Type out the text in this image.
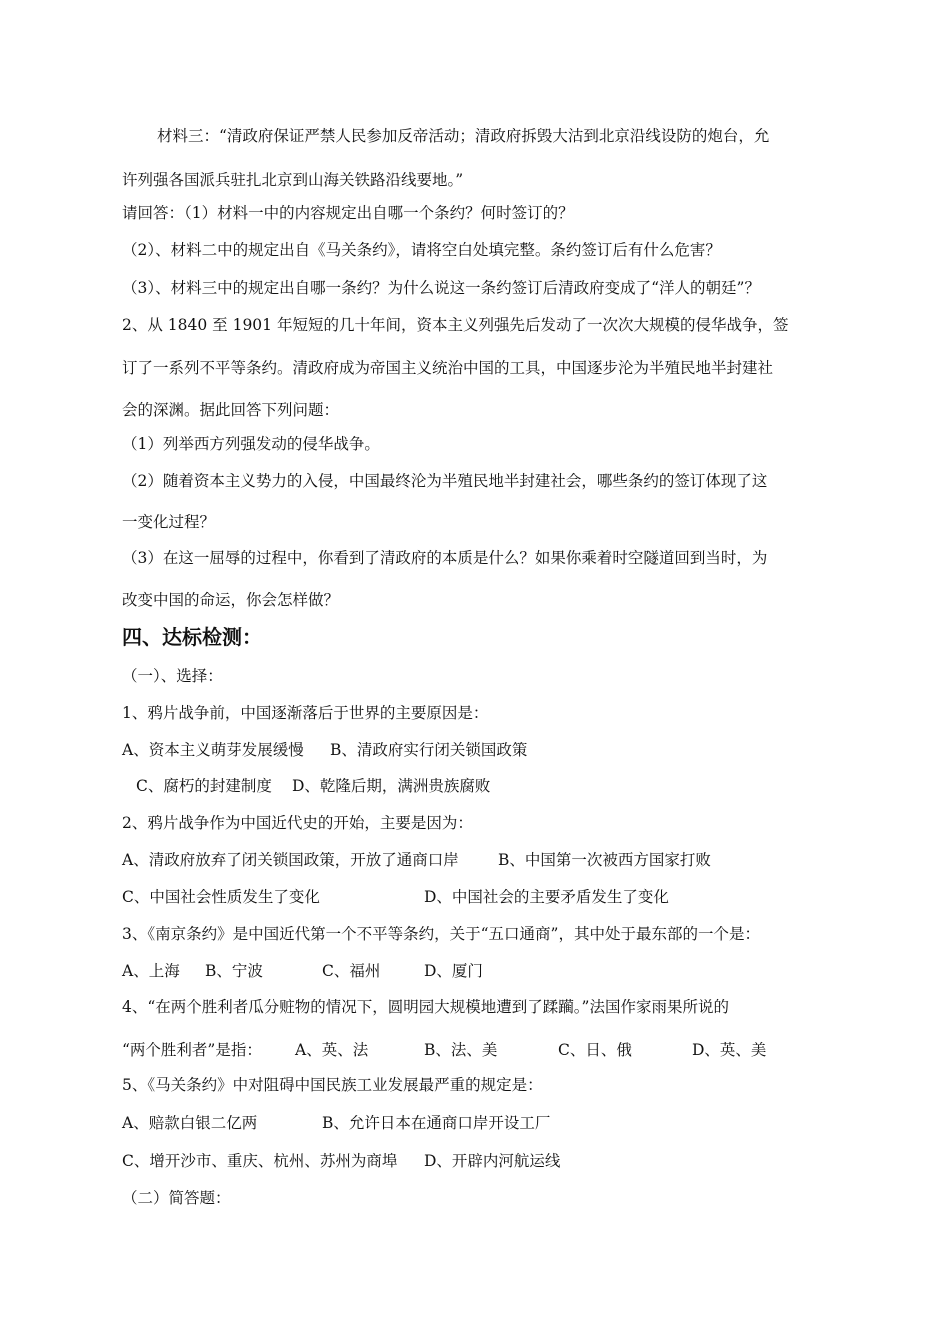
材料三：“清政府保证严禁人民参加反帝活动；清政府拆毁大沽到北京沿线设防的炮台，允
许列强各国派兵驻扎北京到山海关铁路沿线要地。”
请回答：（1）材料一中的内容规定出自哪一个条约？何时签订的？
（2）、材料二中的规定出自《马关条约》，请将空白处填完整。条约签订后有什么危害？
（3）、材料三中的规定出自哪一条约？为什么说这一条约签订后清政府变成了“洋人的朝廷”？
2、从 1840 至 1901 年短短的几十年间，资本主义列强先后发动了一次次大规模的侵华战争，签
订了一系列不平等条约。清政府成为帝国主义统治中国的工具，中国逐步沦为半殖民地半封建社
会的深渊。据此回答下列问题：
（1）列举西方列强发动的侵华战争。
（2）随着资本主义势力的入侵，中国最终沦为半殖民地半封建社会，哪些条约的签订体现了这
一变化过程？
（3）在这一屈辱的过程中，你看到了清政府的本质是什么？如果你乘着时空隧道回到当时，为
改变中国的命运，你会怎样做？
四、达标检测：
（一）、选择：
1、鸦片战争前，中国逐渐落后于世界的主要原因是：
A、资本主义萌芽发展缓慢 B、清政府实行闭关锁国政策
C、腐朽的封建制度 D、乾隆后期，满洲贵族腐败
2、鸦片战争作为中国近代史的开始，主要是因为：
A、清政府放弃了闭关锁国政策，开放了通商口岸	B、中国第一次被西方国家打败
C、中国社会性质发生了变化	D、中国社会的主要矛盾发生了变化
3、《南京条约》是中国近代第一个不平等条约，关于“五口通商”，其中处于最东部的一个是：
A、上海 B、宁波	C、福州	D、厦门
4、“在两个胜利者瓜分赃物的情况下，圆明园大规模地遭到了蹂躏。”法国作家雨果所说的
“两个胜利者”是指： A、英、法	B、法、美	C、日、俄	D、英、美
5、《马关条约》中对阻碍中国民族工业发展最严重的规定是：
A、赔款白银二亿两	B、允许日本在通商口岸开设工厂
C、增开沙市、重庆、杭州、苏州为商埠 D、开辟内河航运线
（二）简答题：
